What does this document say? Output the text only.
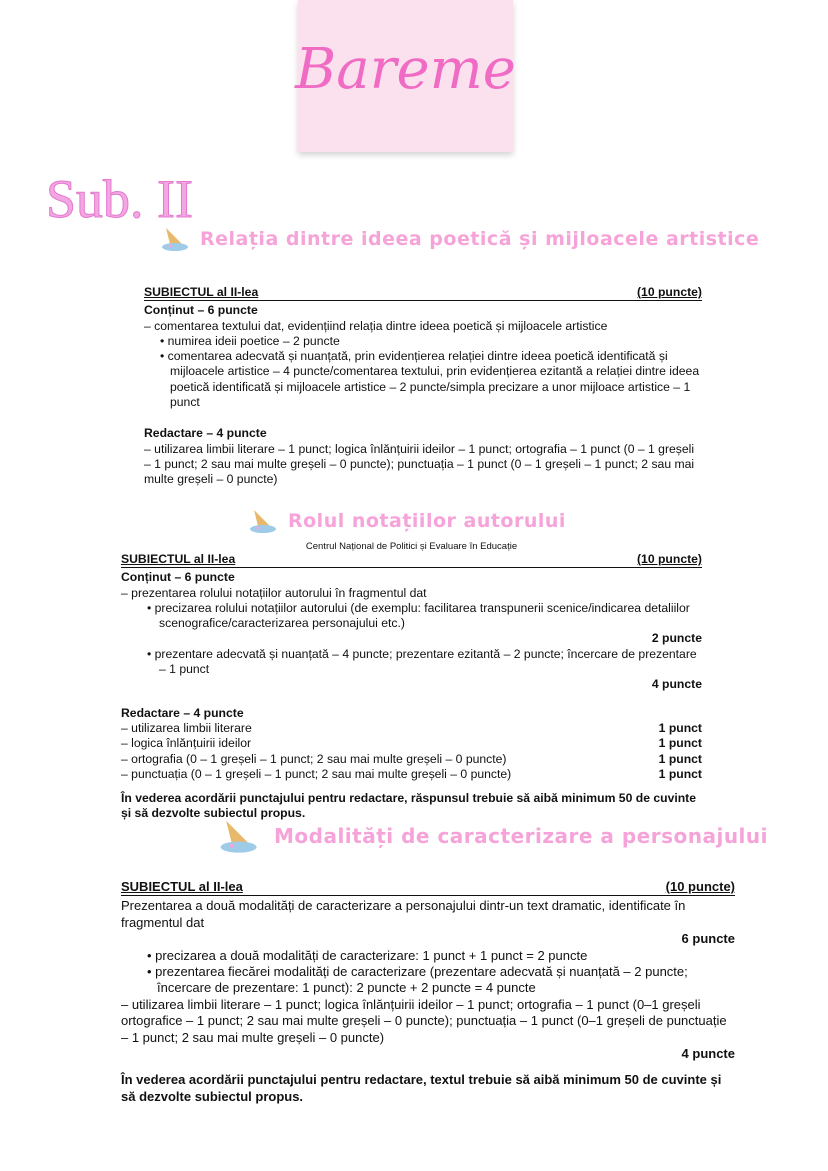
Bareme
Sub. II
Relația dintre ideea poetică și mijloacele artistice
SUBIECTUL al II-lea	(10 puncte)

Conținut – 6 puncte

– comentarea textului dat, evidențiind relația dintre ideea poetică și mijloacele artistice

• numirea ideii poetice – 2 puncte

• comentarea adecvată și nuanțată, prin evidențierea relației dintre ideea poetică identificată și mijloacele artistice – 4 puncte/comentarea textului, prin evidențierea ezitantă a relației dintre ideea poetică identificată și mijloacele artistice – 2 puncte/simpla precizare a unor mijloace artistice – 1 punct

Redactare – 4 puncte

– utilizarea limbii literare – 1 punct; logica înlănțuirii ideilor – 1 punct; ortografia – 1 punct (0 – 1 greșeli – 1 punct; 2 sau mai multe greșeli – 0 puncte); punctuația – 1 punct (0 – 1 greșeli – 1 punct; 2 sau mai multe greșeli – 0 puncte)

Rolul notațiilor autorului

Centrul Național de Politici și Evaluare în Educație

SUBIECTUL al II-lea	(10 puncte)

Conținut – 6 puncte

– prezentarea rolului notațiilor autorului în fragmentul dat

• precizarea rolului notațiilor autorului (de exemplu: facilitarea transpunerii scenice/indicarea detaliilor scenografice/caracterizarea personajului etc.)

2 puncte

• prezentare adecvată și nuanțată – 4 puncte; prezentare ezitantă – 2 puncte; încercare de prezentare – 1 punct

4 puncte

Redactare – 4 puncte

– utilizarea limbii literare	1 punct
– logica înlănțuirii ideilor	1 punct
– ortografia (0 – 1 greșeli – 1 punct; 2 sau mai multe greșeli – 0 puncte)	1 punct
– punctuația (0 – 1 greșeli – 1 punct; 2 sau mai multe greșeli – 0 puncte)	1 punct

În vederea acordării punctajului pentru redactare, răspunsul trebuie să aibă minimum 50 de cuvinte și să dezvolte subiectul propus.

Modalități de caracterizare a personajului
SUBIECTUL al II-lea	(10 puncte)

Prezentarea a două modalități de caracterizare a personajului dintr-un text dramatic, identificate în fragmentul dat

6 puncte

• precizarea a două modalități de caracterizare: 1 punct + 1 punct = 2 puncte

• prezentarea fiecărei modalități de caracterizare (prezentare adecvată și nuanțată – 2 puncte; încercare de prezentare: 1 punct): 2 puncte + 2 puncte = 4 puncte

– utilizarea limbii literare – 1 punct; logica înlănțuirii ideilor – 1 punct; ortografia – 1 punct (0–1 greșeli ortografice – 1 punct; 2 sau mai multe greșeli – 0 puncte); punctuația – 1 punct (0–1 greșeli de punctuație – 1 punct; 2 sau mai multe greșeli – 0 puncte)

4 puncte

În vederea acordării punctajului pentru redactare, textul trebuie să aibă minimum 50 de cuvinte și să dezvolte subiectul propus.
